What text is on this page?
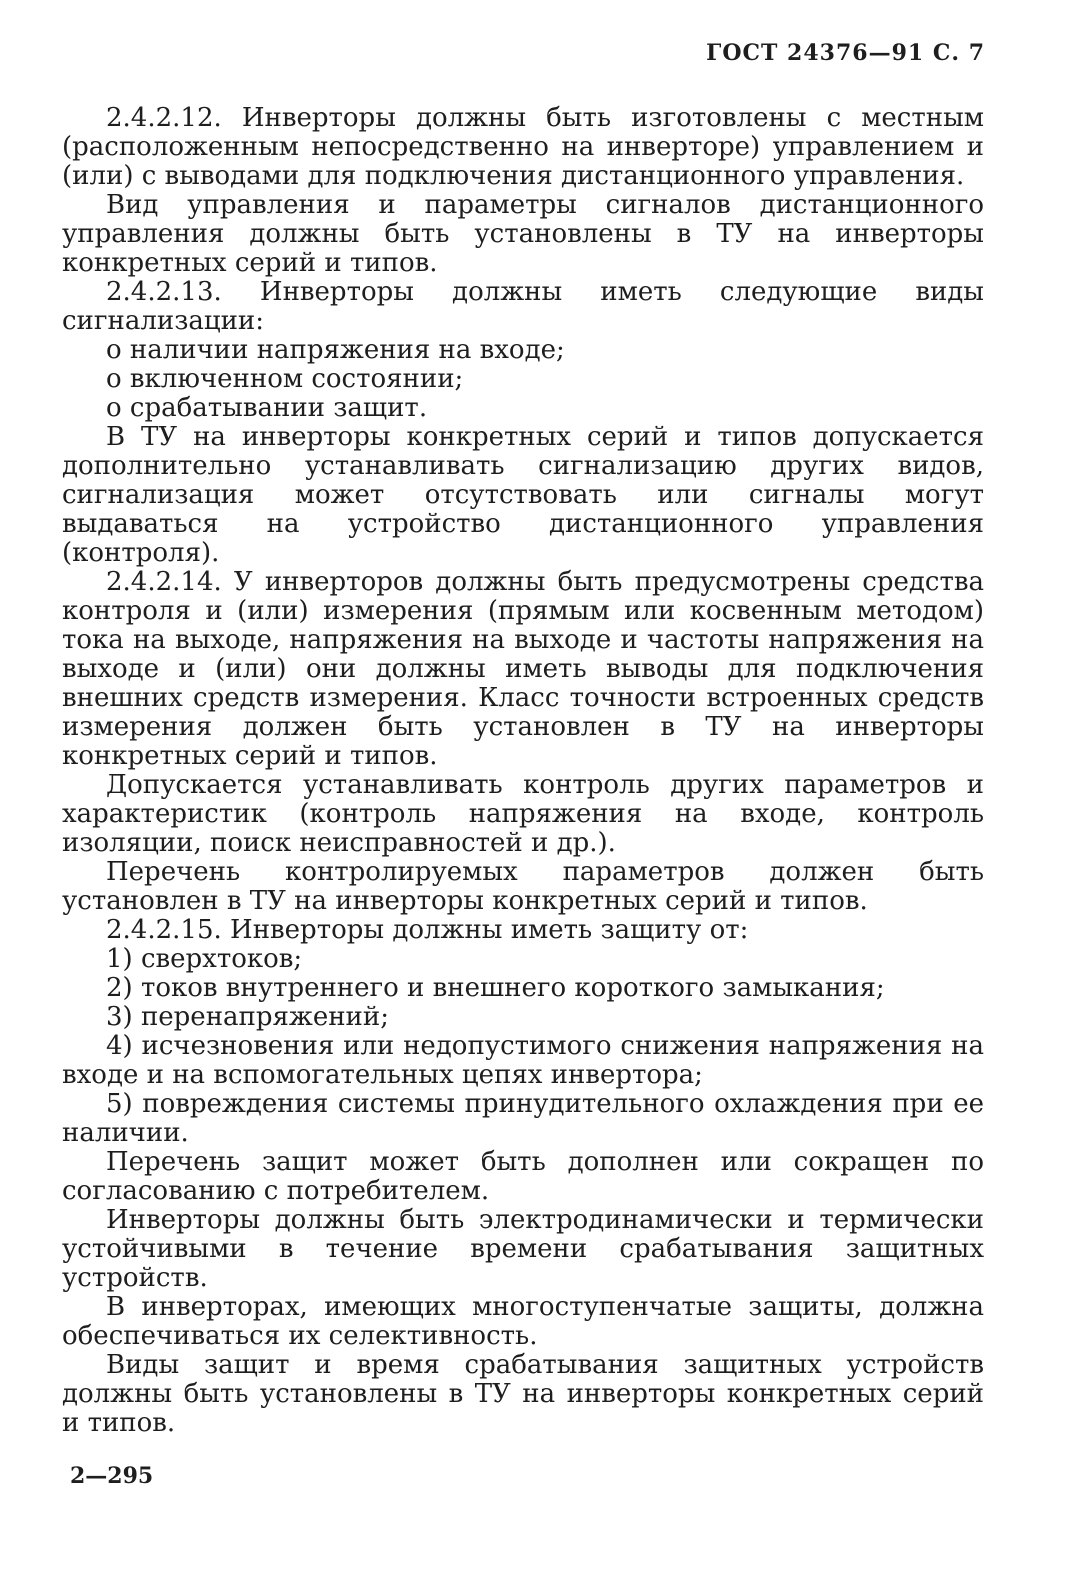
ГОСТ 24376—91 С. 7

2.4.2.12. Инверторы должны быть изготовлены с местным (расположенным непосредственно на инверторе) управлением и (или) с выводами для подключения дистанционного управления.

Вид управления и параметры сигналов дистанционного управления должны быть установлены в ТУ на инверторы конкретных серий и типов.

2.4.2.13. Инверторы должны иметь следующие виды сигнализации:

о наличии напряжения на входе;
о включенном состоянии;
о срабатывании защит.

В ТУ на инверторы конкретных серий и типов допускается дополнительно устанавливать сигнализацию других видов, сигнализация может отсутствовать или сигналы могут выдаваться на устройство дистанционного управления (контроля).

2.4.2.14. У инверторов должны быть предусмотрены средства контроля и (или) измерения (прямым или косвенным методом) тока на выходе, напряжения на выходе и частоты напряжения на выходе и (или) они должны иметь выводы для подключения внешних средств измерения. Класс точности встроенных средств измерения должен быть установлен в ТУ на инверторы конкретных серий и типов.

Допускается устанавливать контроль других параметров и характеристик (контроль напряжения на входе, контроль изоляции, поиск неисправностей и др.).

Перечень контролируемых параметров должен быть установлен в ТУ на инверторы конкретных серий и типов.

2.4.2.15. Инверторы должны иметь защиту от:

1) сверхтоков;
2) токов внутреннего и внешнего короткого замыкания;
3) перенапряжений;
4) исчезновения или недопустимого снижения напряжения на входе и на вспомогательных цепях инвертора;
5) повреждения системы принудительного охлаждения при ее наличии.

Перечень защит может быть дополнен или сокращен по согласованию с потребителем.

Инверторы должны быть электродинамически и термически устойчивыми в течение времени срабатывания защитных устройств.

В инверторах, имеющих многоступенчатые защиты, должна обеспечиваться их селективность.

Виды защит и время срабатывания защитных устройств должны быть установлены в ТУ на инверторы конкретных серий и типов.

2—295
